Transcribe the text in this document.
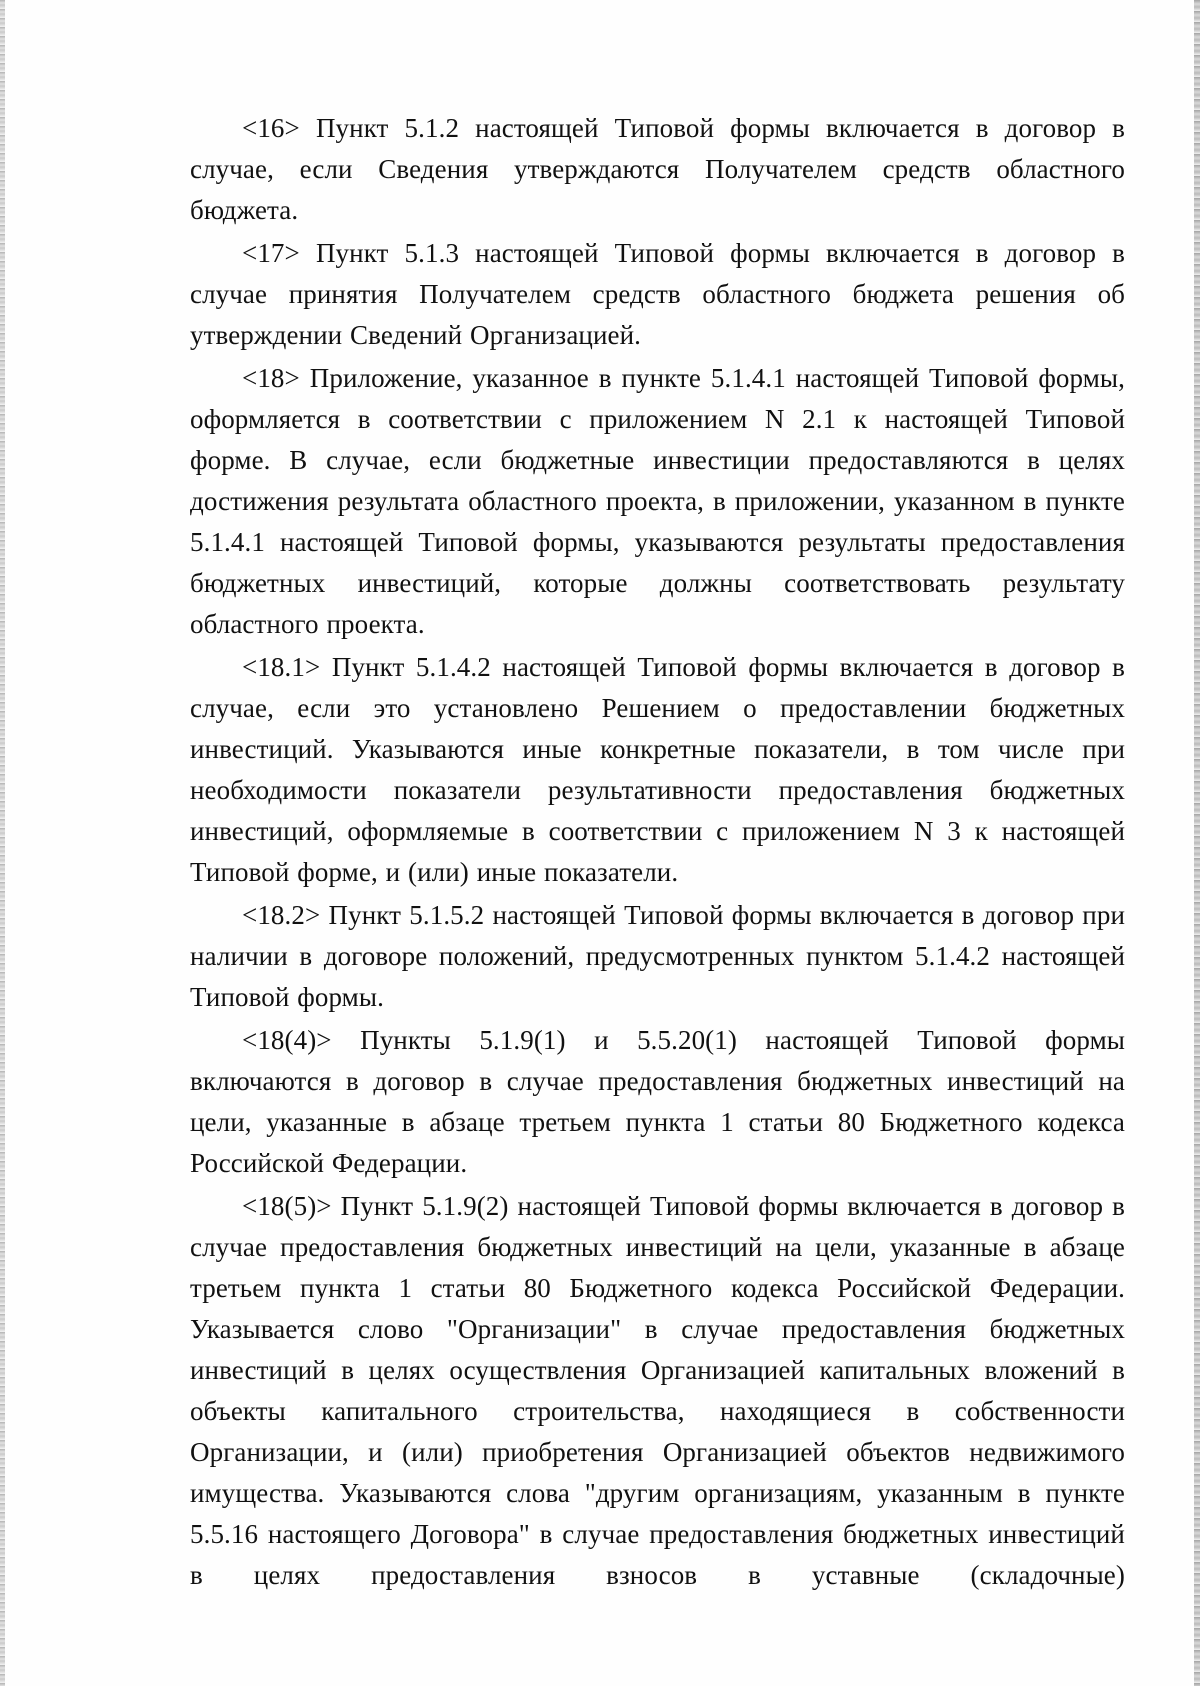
<16> Пункт 5.1.2 настоящей Типовой формы включается в договор в случае, если Сведения утверждаются Получателем средств областного бюджета.

<17> Пункт 5.1.3 настоящей Типовой формы включается в договор в случае принятия Получателем средств областного бюджета решения об утверждении Сведений Организацией.

<18> Приложение, указанное в пункте 5.1.4.1 настоящей Типовой формы, оформляется в соответствии с приложением N 2.1 к настоящей Типовой форме. В случае, если бюджетные инвестиции предоставляются в целях достижения результата областного проекта, в приложении, указанном в пункте 5.1.4.1 настоящей Типовой формы, указываются результаты предоставления бюджетных инвестиций, которые должны соответствовать результату областного проекта.

<18.1> Пункт 5.1.4.2 настоящей Типовой формы включается в договор в случае, если это установлено Решением о предоставлении бюджетных инвестиций. Указываются иные конкретные показатели, в том числе при необходимости показатели результативности предоставления бюджетных инвестиций, оформляемые в соответствии с приложением N 3 к настоящей Типовой форме, и (или) иные показатели.

<18.2> Пункт 5.1.5.2 настоящей Типовой формы включается в договор при наличии в договоре положений, предусмотренных пунктом 5.1.4.2 настоящей Типовой формы.

<18(4)> Пункты 5.1.9(1) и 5.5.20(1) настоящей Типовой формы включаются в договор в случае предоставления бюджетных инвестиций на цели, указанные в абзаце третьем пункта 1 статьи 80 Бюджетного кодекса Российской Федерации.

<18(5)> Пункт 5.1.9(2) настоящей Типовой формы включается в договор в случае предоставления бюджетных инвестиций на цели, указанные в абзаце третьем пункта 1 статьи 80 Бюджетного кодекса Российской Федерации. Указывается слово "Организации" в случае предоставления бюджетных инвестиций в целях осуществления Организацией капитальных вложений в объекты капитального строительства, находящиеся в собственности Организации, и (или) приобретения Организацией объектов недвижимого имущества. Указываются слова "другим организациям, указанным в пункте 5.5.16 настоящего Договора" в случае предоставления бюджетных инвестиций в целях предоставления взносов в уставные (складочные)
